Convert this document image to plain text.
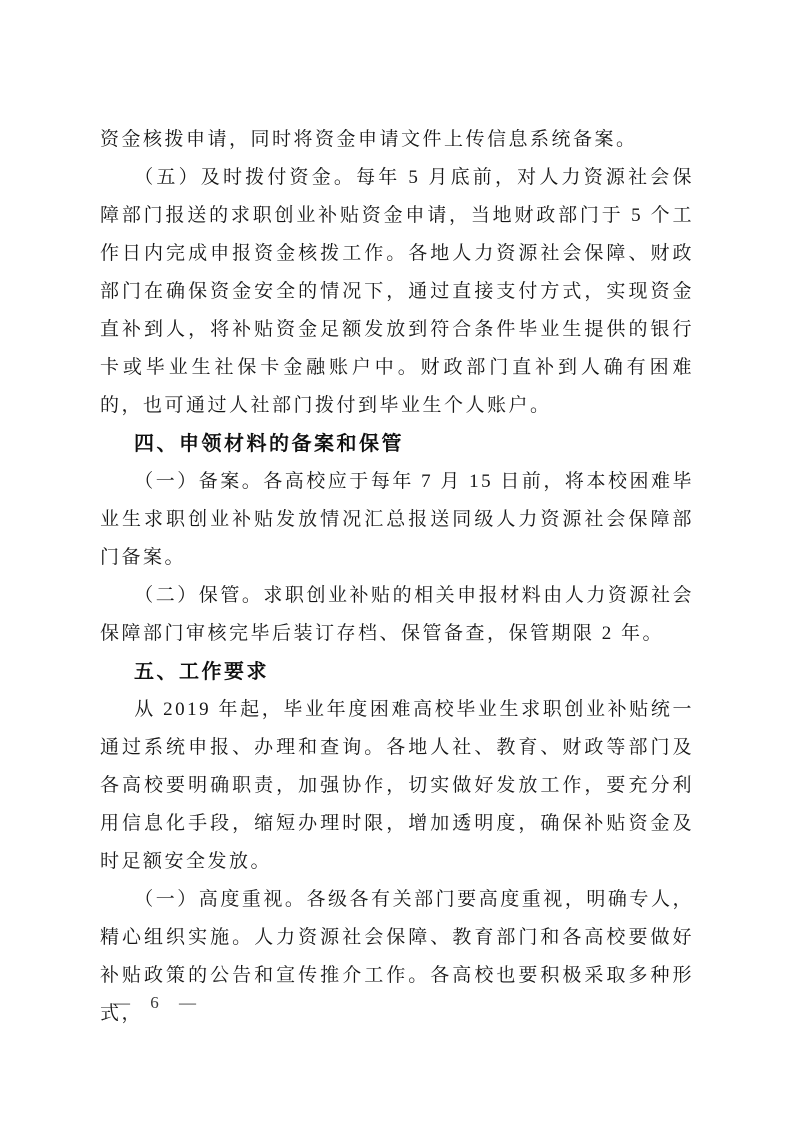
资金核拨申请，同时将资金申请文件上传信息系统备案。

（五）及时拨付资金。每年 5 月底前，对人力资源社会保障部门报送的求职创业补贴资金申请，当地财政部门于 5 个工作日内完成申报资金核拨工作。各地人力资源社会保障、财政部门在确保资金安全的情况下，通过直接支付方式，实现资金直补到人，将补贴资金足额发放到符合条件毕业生提供的银行卡或毕业生社保卡金融账户中。财政部门直补到人确有困难的，也可通过人社部门拨付到毕业生个人账户。

四、申领材料的备案和保管

（一）备案。各高校应于每年 7 月 15 日前，将本校困难毕业生求职创业补贴发放情况汇总报送同级人力资源社会保障部门备案。

（二）保管。求职创业补贴的相关申报材料由人力资源社会保障部门审核完毕后装订存档、保管备查，保管期限 2 年。

五、工作要求

从 2019 年起，毕业年度困难高校毕业生求职创业补贴统一通过系统申报、办理和查询。各地人社、教育、财政等部门及各高校要明确职责，加强协作，切实做好发放工作，要充分利用信息化手段，缩短办理时限，增加透明度，确保补贴资金及时足额安全发放。

（一）高度重视。各级各有关部门要高度重视，明确专人，精心组织实施。人力资源社会保障、教育部门和各高校要做好补贴政策的公告和宣传推介工作。各高校也要积极采取多种形式，

— 6 —
